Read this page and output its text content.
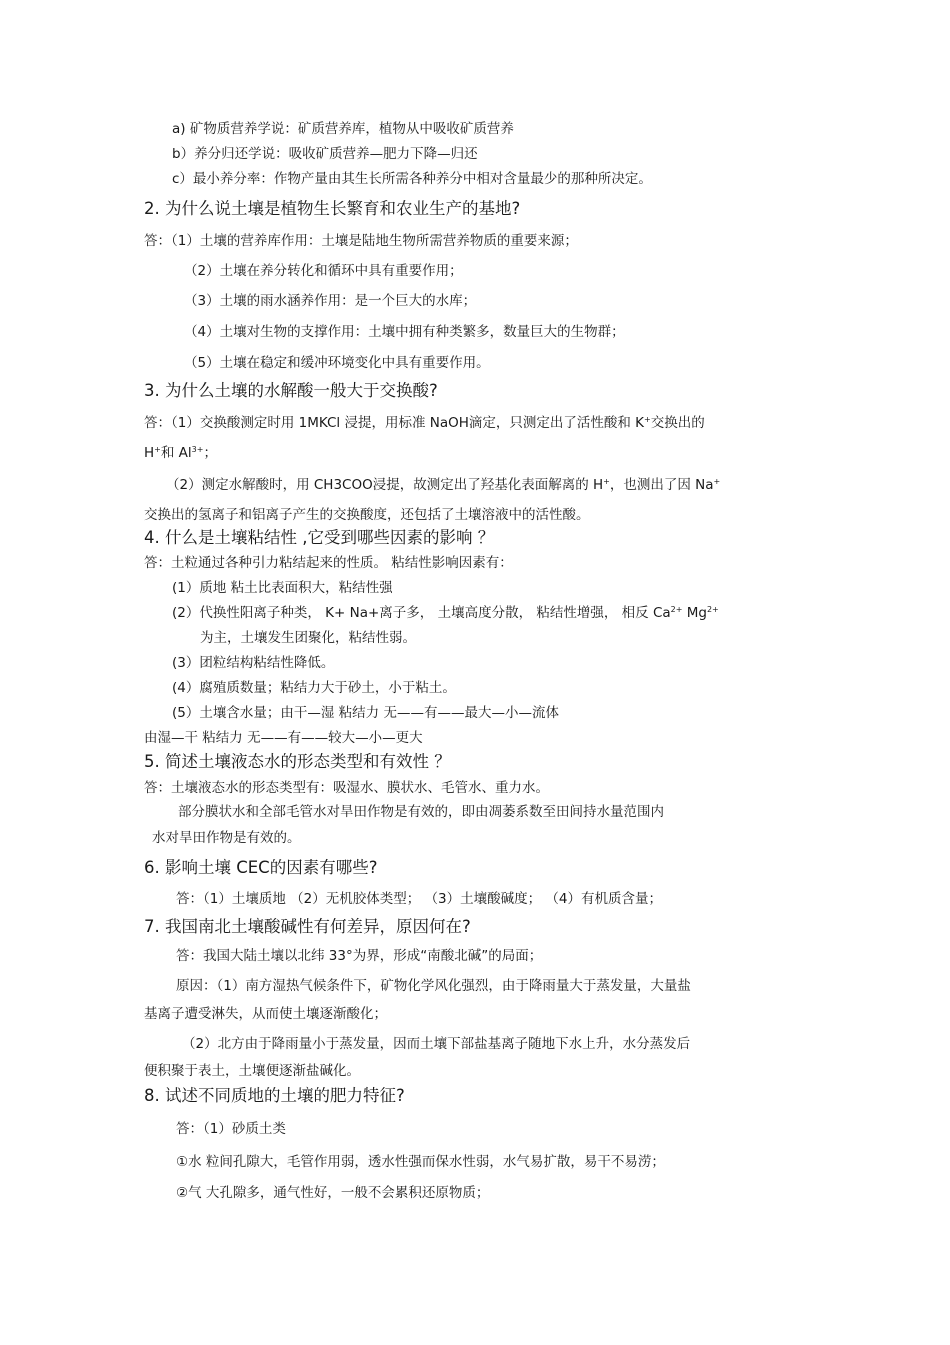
a) 矿物质营养学说：矿质营养库，植物从中吸收矿质营养
b）养分归还学说：吸收矿质营养—肥力下降—归还
c）最小养分率：作物产量由其生长所需各种养分中相对含量最少的那种所决定。
2. 为什么说土壤是植物生长繁育和农业生产的基地?
答：（1）土壤的营养库作用：土壤是陆地生物所需营养物质的重要来源；
（2）土壤在养分转化和循环中具有重要作用；
（3）土壤的雨水涵养作用：是一个巨大的水库；
（4）土壤对生物的支撑作用：土壤中拥有种类繁多，数量巨大的生物群；
（5）土壤在稳定和缓冲环境变化中具有重要作用。
3. 为什么土壤的水解酸一般大于交换酸?
答：（1）交换酸测定时用 1MKCl 浸提，用标准 NaOH滴定，只测定出了活性酸和 K+交换出的
H+和 $Al^{3+}$；
（2）测定水解酸时，用 CH3COO浸提，故测定出了羟基化表面解离的 H+，也测出了因 Na+
交换出的氢离子和铝离子产生的交换酸度，还包括了土壤溶液中的活性酸。
4. 什么是土壤粘结性 ,它受到哪些因素的影响 ？
答：土粒通过各种引力粘结起来的性质。 粘结性影响因素有：
(1）质地 粘土比表面积大，粘结性强
(2）代换性阳离子种类， K+ Na+离子多， 土壤高度分散， 粘结性增强， 相反 $Ca^{2+}$ $Mg^{2+}$
为主，土壤发生团聚化，粘结性弱。
(3）团粒结构粘结性降低。
(4）腐殖质数量；粘结力大于砂土，小于粘土。
(5）土壤含水量；由干—湿 粘结力 无——有——最大—小—流体
由湿—干 粘结力 无——有——较大—小—更大
5. 简述土壤液态水的形态类型和有效性 ？
答：土壤液态水的形态类型有：吸湿水、膜状水、毛管水、重力水。
部分膜状水和全部毛管水对旱田作物是有效的，即由凋萎系数至田间持水量范围内
水对旱田作物是有效的。
6. 影响土壤 CEC的因素有哪些?
答：（1）土壤质地 （2）无机胶体类型； （3）土壤酸碱度； （4）有机质含量；
7. 我国南北土壤酸碱性有何差异，原因何在?
答：我国大陆土壤以北纬 33°为界，形成“南酸北碱”的局面；
原因：（1）南方湿热气候条件下，矿物化学风化强烈，由于降雨量大于蒸发量，大量盐
基离子遭受淋失，从而使土壤逐渐酸化；
（2）北方由于降雨量小于蒸发量，因而土壤下部盐基离子随地下水上升，水分蒸发后
便积聚于表土，土壤便逐渐盐碱化。
8. 试述不同质地的土壤的肥力特征?
答：（1）砂质土类
①水 粒间孔隙大，毛管作用弱，透水性强而保水性弱，水气易扩散，易干不易涝；
②气 大孔隙多，通气性好，一般不会累积还原物质；
